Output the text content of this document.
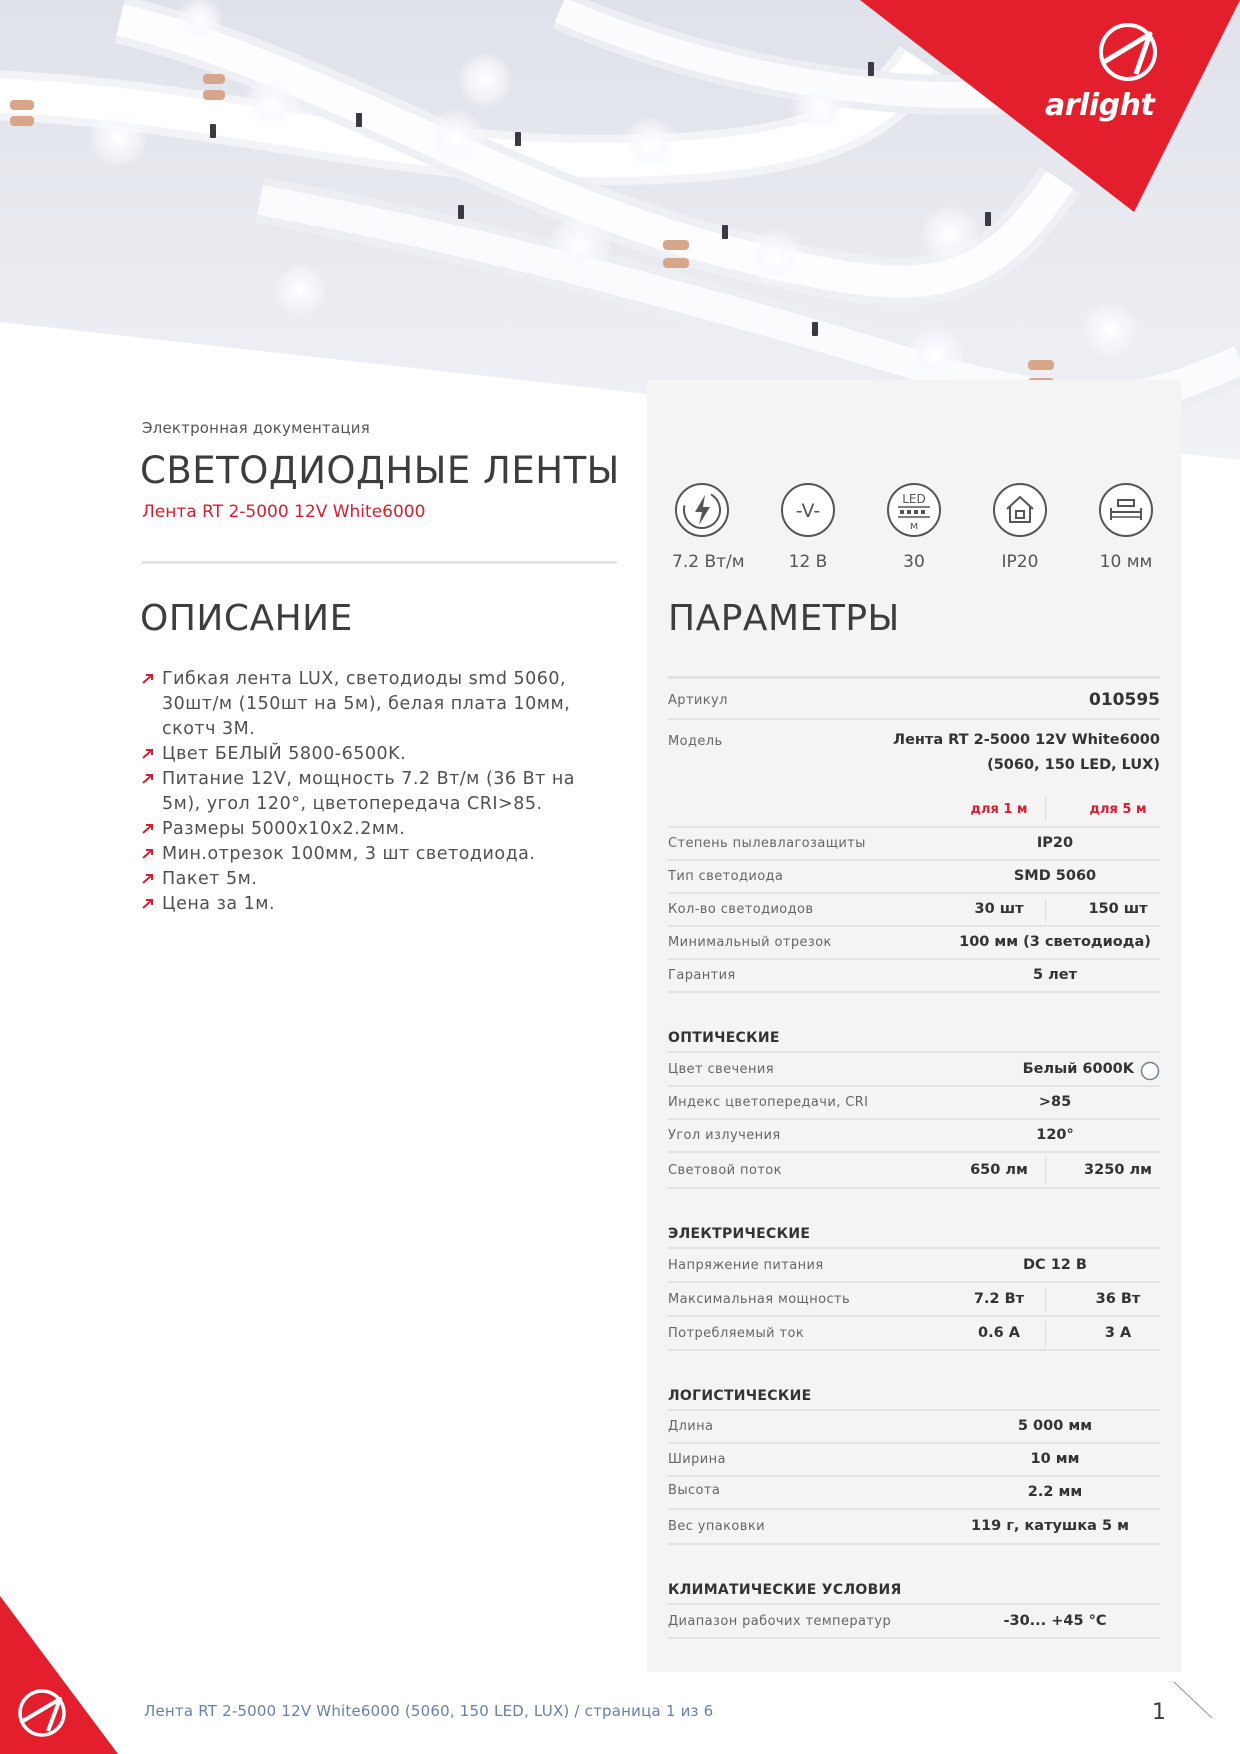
arlight
Электронная документация
СВЕТОДИОДНЫЕ ЛЕНТЫ
Лента RT 2-5000 12V White6000
7.2 Вт/м
-V-
12 В
LED
м
30	IP20	10 мм
ОПИСАНИЕ
Гибкая лента LUX, светодиоды smd 5060, 30шт/м (150шт на 5м), белая плата 10мм, скотч 3М.
Цвет БЕЛЫЙ 5800-6500K.
Питание 12V, мощность 7.2 Вт/м (36 Вт на 5м), угол 120°, цветопередача CRI>85.
Размеры 5000x10x2.2мм.
Мин.отрезок 100мм, 3 шт светодиода.
Пакет 5м.
Цена за 1м.
ПАРАМЕТРЫ
Артикул	010595
Модель	Лента RT 2-5000 12V White6000
(5060, 150 LED, LUX)
для 1 м	для 5 м
Степень пылевлагозащиты	IP20
Тип светодиода	SMD 5060
Кол-во светодиодов	30 шт	150 шт
Минимальный отрезок	100 мм (3 светодиода)
Гарантия	5 лет
ОПТИЧЕСКИЕ
Цвет свечения	Белый 6000K
Индекс цветопередачи, CRI	>85
Угол излучения	120°
Световой поток	650 лм	3250 лм
ЭЛЕКТРИЧЕСКИЕ
Напряжение питания	DC 12 В
Максимальная мощность	7.2 Вт	36 Вт
Потребляемый ток	0.6 А	3 А
ЛОГИСТИЧЕСКИЕ
Длина	5 000 мм
Ширина	10 мм
Высота	2.2 мм
Вес упаковки	119 г, катушка 5 м
КЛИМАТИЧЕСКИЕ УСЛОВИЯ
Диапазон рабочих температур	-30... +45 °С
Лента RT 2-5000 12V White6000 (5060, 150 LED, LUX) / страница 1 из 6	1
